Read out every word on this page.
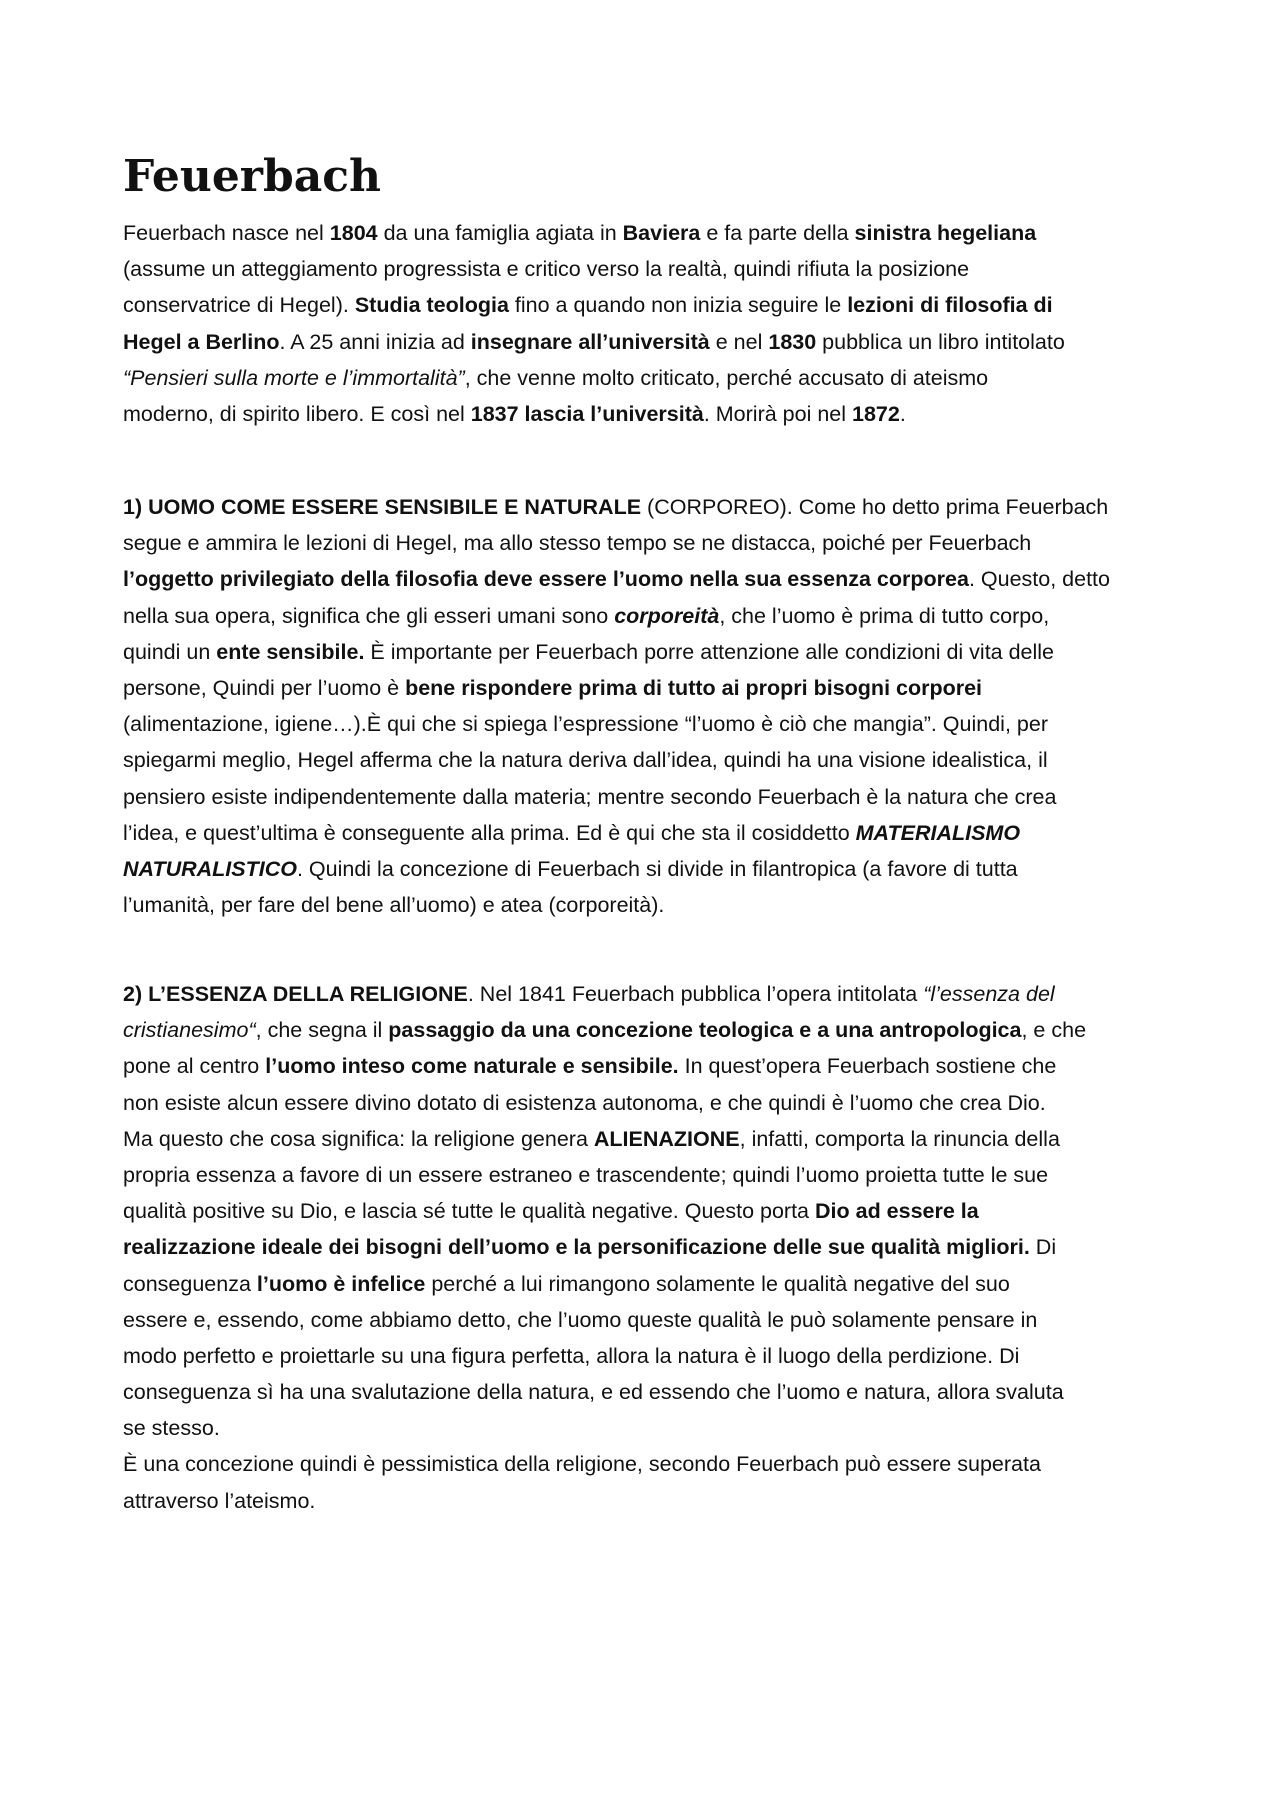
Feuerbach
Feuerbach nasce nel 1804 da una famiglia agiata in Baviera e fa parte della sinistra hegeliana
(assume un atteggiamento progressista e critico verso la realtà, quindi rifiuta la posizione
conservatrice di Hegel). Studia teologia fino a quando non inizia seguire le lezioni di filosofia di
Hegel a Berlino. A 25 anni inizia ad insegnare all’università e nel 1830 pubblica un libro intitolato
“Pensieri sulla morte e l’immortalità”, che venne molto criticato, perché accusato di ateismo
moderno, di spirito libero. E così nel 1837 lascia l’università. Morirà poi nel 1872.
1) UOMO COME ESSERE SENSIBILE E NATURALE (CORPOREO). Come ho detto prima Feuerbach
segue e ammira le lezioni di Hegel, ma allo stesso tempo se ne distacca, poiché per Feuerbach
l’oggetto privilegiato della filosofia deve essere l’uomo nella sua essenza corporea. Questo, detto
nella sua opera, significa che gli esseri umani sono corporeità, che l’uomo è prima di tutto corpo,
quindi un ente sensibile. È importante per Feuerbach porre attenzione alle condizioni di vita delle
persone, Quindi per l’uomo è bene rispondere prima di tutto ai propri bisogni corporei
(alimentazione, igiene…).È qui che si spiega l’espressione “l’uomo è ciò che mangia”. Quindi, per
spiegarmi meglio, Hegel afferma che la natura deriva dall’idea, quindi ha una visione idealistica, il
pensiero esiste indipendentemente dalla materia; mentre secondo Feuerbach è la natura che crea
l’idea, e quest’ultima è conseguente alla prima. Ed è qui che sta il cosiddetto MATERIALISMO
NATURALISTICO. Quindi la concezione di Feuerbach si divide in filantropica (a favore di tutta
l’umanità, per fare del bene all’uomo) e atea (corporeità).
2) L’ESSENZA DELLA RELIGIONE. Nel 1841 Feuerbach pubblica l’opera intitolata “l’essenza del
cristianesimo“, che segna il passaggio da una concezione teologica e a una antropologica, e che
pone al centro l’uomo inteso come naturale e sensibile. In quest’opera Feuerbach sostiene che
non esiste alcun essere divino dotato di esistenza autonoma, e che quindi è l’uomo che crea Dio.
Ma questo che cosa significa: la religione genera ALIENAZIONE, infatti, comporta la rinuncia della
propria essenza a favore di un essere estraneo e trascendente; quindi l’uomo proietta tutte le sue
qualità positive su Dio, e lascia sé tutte le qualità negative. Questo porta Dio ad essere la
realizzazione ideale dei bisogni dell’uomo e la personificazione delle sue qualità migliori. Di
conseguenza l’uomo è infelice perché a lui rimangono solamente le qualità negative del suo
essere e, essendo, come abbiamo detto, che l’uomo queste qualità le può solamente pensare in
modo perfetto e proiettarle su una figura perfetta, allora la natura è il luogo della perdizione. Di
conseguenza sì ha una svalutazione della natura, e ed essendo che l’uomo e natura, allora svaluta
se stesso.
È una concezione quindi è pessimistica della religione, secondo Feuerbach può essere superata
attraverso l’ateismo.
